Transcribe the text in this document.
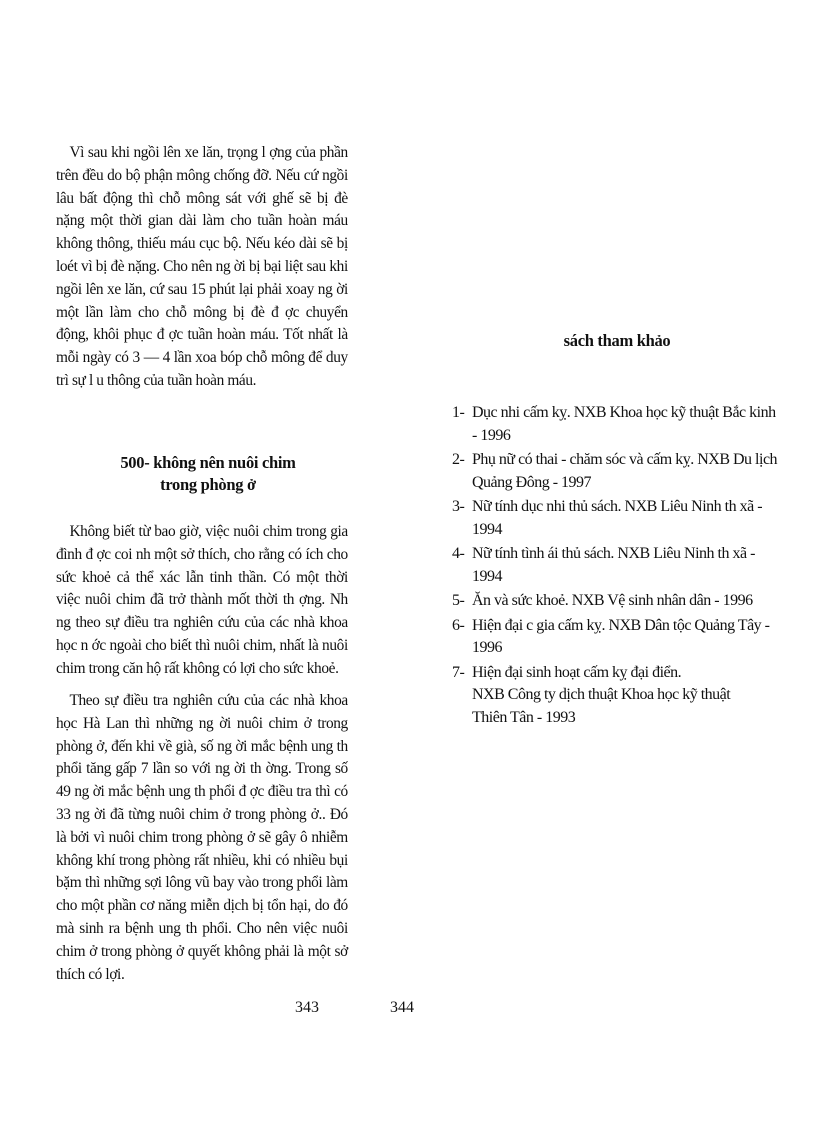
Vì sau khi ngồi lên xe lăn, trọng l ợng của phần trên đều do bộ phận mông chống đỡ. Nếu cứ ngồi lâu bất động thì chỗ mông sát với ghế sẽ bị đè nặng một thời gian dài làm cho tuần hoàn máu không thông, thiếu máu cục bộ. Nếu kéo dài sẽ bị loét vì bị đè nặng. Cho nên ng ời bị bại liệt sau khi ngồi lên xe lăn, cứ sau 15 phút lại phải xoay ng ời một lần làm cho chỗ mông bị đè đ ợc chuyển động, khôi phục đ ợc tuần hoàn máu. Tốt nhất là mỗi ngày có 3 — 4 lần xoa bóp chỗ mông để duy trì sự l u thông của tuần hoàn máu.

500- không nên nuôi chim
trong phòng ở

Không biết từ bao giờ, việc nuôi chim trong gia đình đ ợc coi nh một sở thích, cho rằng có ích cho sức khoẻ cả thể xác lẫn tinh thần. Có một thời việc nuôi chim đã trở thành mốt thời th ợng. Nh ng theo sự điều tra nghiên cứu của các nhà khoa học n ớc ngoài cho biết thì nuôi chim, nhất là nuôi chim trong căn hộ rất không có lợi cho sức khoẻ.

Theo sự điều tra nghiên cứu của các nhà khoa học Hà Lan thì những ng ời nuôi chim ở trong phòng ở, đến khi về già, số ng ời mắc bệnh ung th phổi tăng gấp 7 lần so với ng ời th ờng. Trong số 49 ng ời mắc bệnh ung th phổi đ ợc điều tra thì có 33 ng ời đã từng nuôi chim ở trong phòng ở.. Đó là bởi vì nuôi chim trong phòng ở sẽ gây ô nhiễm không khí trong phòng rất nhiều, khi có nhiều bụi bặm thì những sợi lông vũ bay vào trong phổi làm cho một phần cơ năng miễn dịch bị tổn hại, do đó mà sinh ra bệnh ung th phổi. Cho nên việc nuôi chim ở trong phòng ở quyết không phải là một sở thích có lợi.

sách tham khảo
1- Dục nhi cấm kỵ. NXB Khoa học kỹ thuật Bắc kinh - 1996
2- Phụ nữ có thai - chăm sóc và cấm kỵ. NXB Du lịch Quảng Đông - 1997
3- Nữ tính dục nhi thủ sách. NXB Liêu Ninh th xã - 1994
4- Nữ tính tình ái thủ sách. NXB Liêu Ninh th xã - 1994
5- Ăn và sức khoẻ. NXB Vệ sinh nhân dân - 1996
6- Hiện đại c gia cấm kỵ. NXB Dân tộc Quảng Tây - 1996
7- Hiện đại sinh hoạt cấm kỵ đại điển.
NXB Công ty dịch thuật Khoa học kỹ thuật
Thiên Tân - 1993
343	344
